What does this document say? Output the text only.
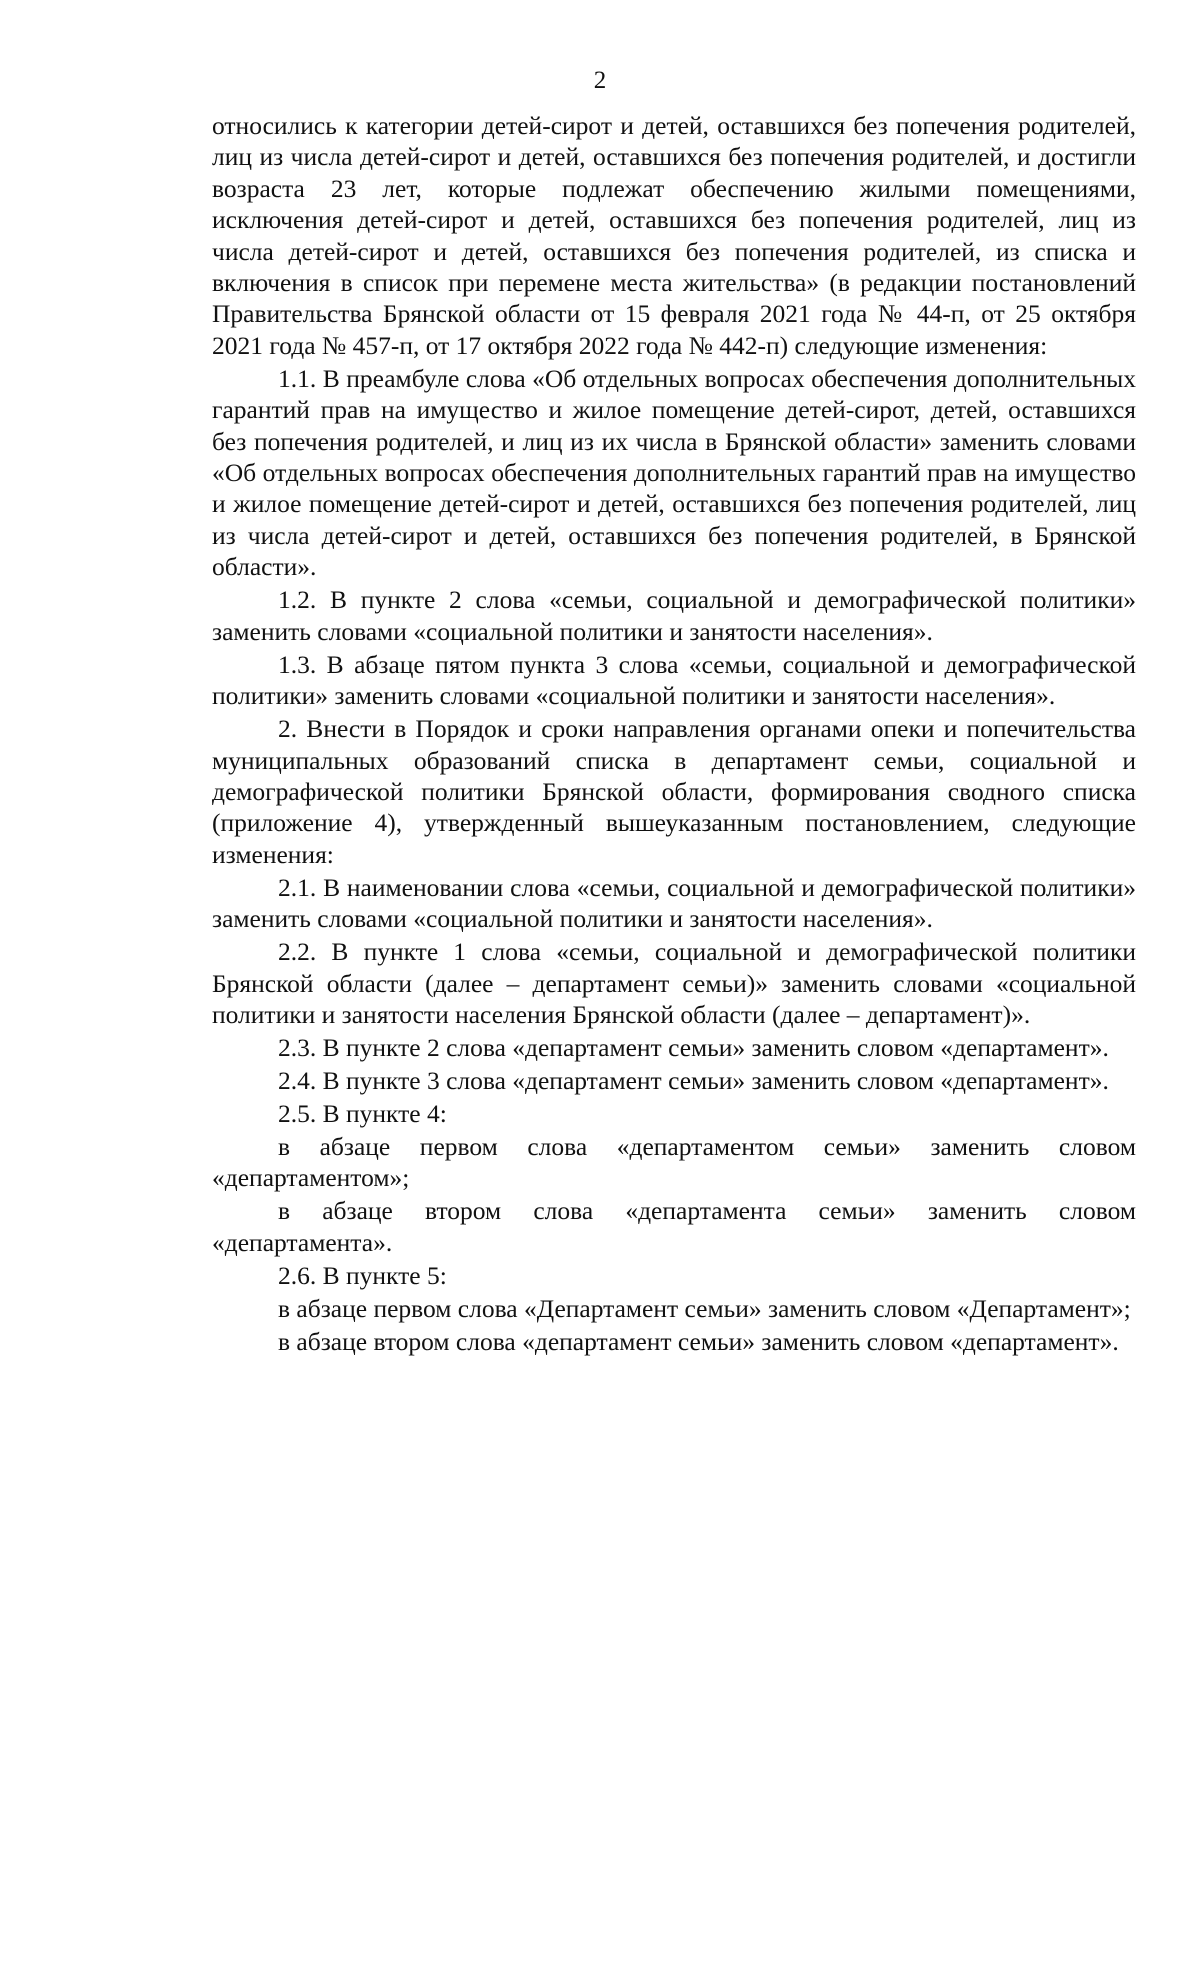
2

относились к категории детей-сирот и детей, оставшихся без попечения родителей, лиц из числа детей-сирот и детей, оставшихся без попечения родителей, и достигли возраста 23 лет, которые подлежат обеспечению жилыми помещениями, исключения детей-сирот и детей, оставшихся без попечения родителей, лиц из числа детей-сирот и детей, оставшихся без попечения родителей, из списка и включения в список при перемене места жительства» (в редакции постановлений Правительства Брянской области от 15 февраля 2021 года № 44-п, от 25 октября 2021 года № 457-п, от 17 октября 2022 года № 442-п) следующие изменения:

1.1. В преамбуле слова «Об отдельных вопросах обеспечения дополнительных гарантий прав на имущество и жилое помещение детей-сирот, детей, оставшихся без попечения родителей, и лиц из их числа в Брянской области» заменить словами «Об отдельных вопросах обеспечения дополнительных гарантий прав на имущество и жилое помещение детей-сирот и детей, оставшихся без попечения родителей, лиц из числа детей-сирот и детей, оставшихся без попечения родителей, в Брянской области».

1.2. В пункте 2 слова «семьи, социальной и демографической политики» заменить словами «социальной политики и занятости населения».

1.3. В абзаце пятом пункта 3 слова «семьи, социальной и демографической политики» заменить словами «социальной политики и занятости населения».

2. Внести в Порядок и сроки направления органами опеки и попечительства муниципальных образований списка в департамент семьи, социальной и демографической политики Брянской области, формирования сводного списка (приложение 4), утвержденный вышеуказанным постановлением, следующие изменения:

2.1. В наименовании слова «семьи, социальной и демографической политики» заменить словами «социальной политики и занятости населения».

2.2. В пункте 1 слова «семьи, социальной и демографической политики Брянской области (далее – департамент семьи)» заменить словами «социальной политики и занятости населения Брянской области (далее – департамент)».

2.3. В пункте 2 слова «департамент семьи» заменить словом «департамент».

2.4. В пункте 3 слова «департамент семьи» заменить словом «департамент».

2.5. В пункте 4:

в абзаце первом слова «департаментом семьи» заменить словом «департаментом»;

в абзаце втором слова «департамента семьи» заменить словом «департамента».

2.6. В пункте 5:

в абзаце первом слова «Департамент семьи» заменить словом «Департамент»;

в абзаце втором слова «департамент семьи» заменить словом «департамент».
